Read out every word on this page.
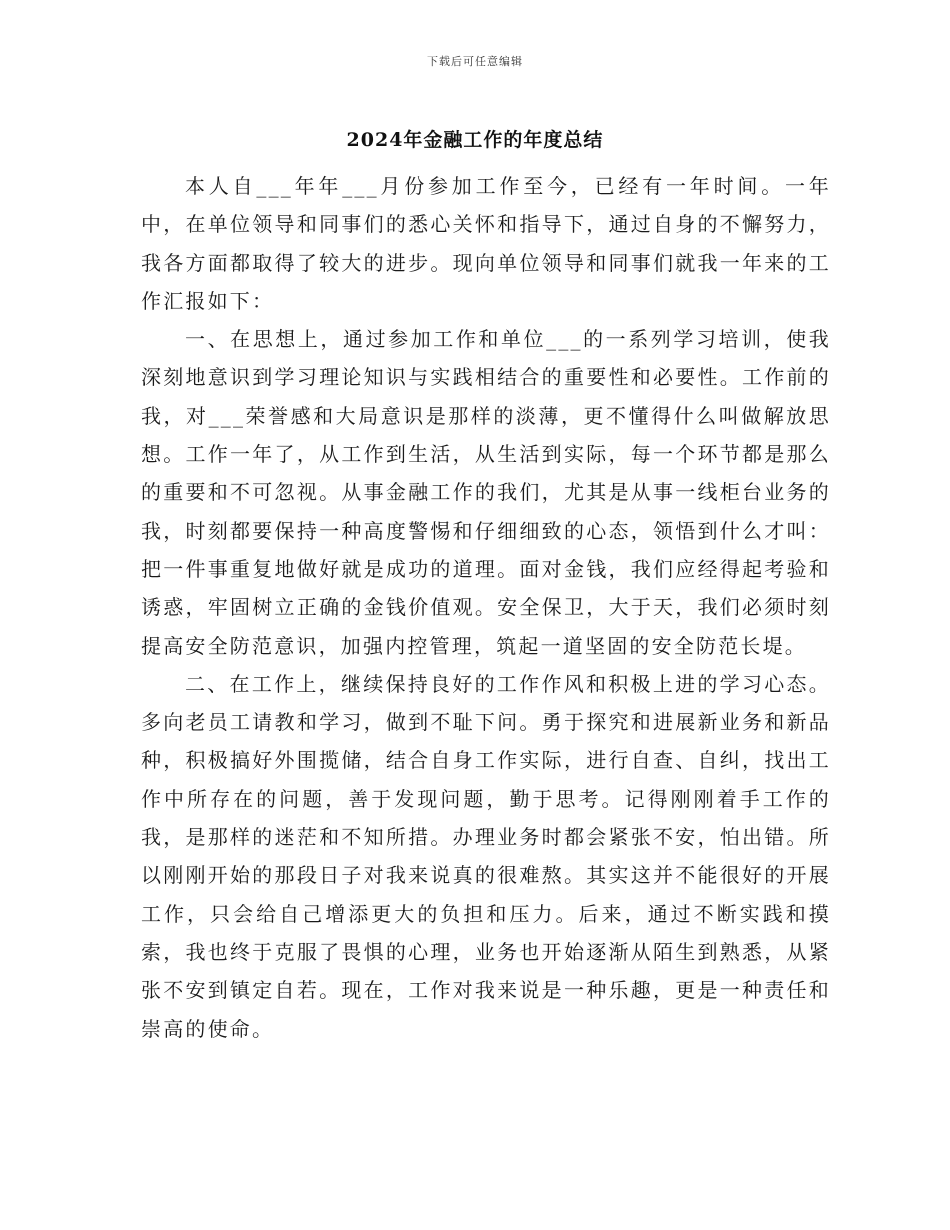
下载后可任意编辑
2024年金融工作的年度总结

本人自___年年___月份参加工作至今，已经有一年时间。一年中，在单位领导和同事们的悉心关怀和指导下，通过自身的不懈努力，我各方面都取得了较大的进步。现向单位领导和同事们就我一年来的工作汇报如下：

一、在思想上，通过参加工作和单位___的一系列学习培训，使我深刻地意识到学习理论知识与实践相结合的重要性和必要性。工作前的我，对___荣誉感和大局意识是那样的淡薄，更不懂得什么叫做解放思想。工作一年了，从工作到生活，从生活到实际，每一个环节都是那么的重要和不可忽视。从事金融工作的我们，尤其是从事一线柜台业务的我，时刻都要保持一种高度警惕和仔细细致的心态，领悟到什么才叫：把一件事重复地做好就是成功的道理。面对金钱，我们应经得起考验和诱惑，牢固树立正确的金钱价值观。安全保卫，大于天，我们必须时刻提高安全防范意识，加强内控管理，筑起一道坚固的安全防范长堤。

二、在工作上，继续保持良好的工作作风和积极上进的学习心态。多向老员工请教和学习，做到不耻下问。勇于探究和进展新业务和新品种，积极搞好外围揽储，结合自身工作实际，进行自查、自纠，找出工作中所存在的问题，善于发现问题，勤于思考。记得刚刚着手工作的我，是那样的迷茫和不知所措。办理业务时都会紧张不安，怕出错。所以刚刚开始的那段日子对我来说真的很难熬。其实这并不能很好的开展工作，只会给自己增添更大的负担和压力。后来，通过不断实践和摸索，我也终于克服了畏惧的心理，业务也开始逐渐从陌生到熟悉，从紧张不安到镇定自若。现在，工作对我来说是一种乐趣，更是一种责任和崇高的使命。
